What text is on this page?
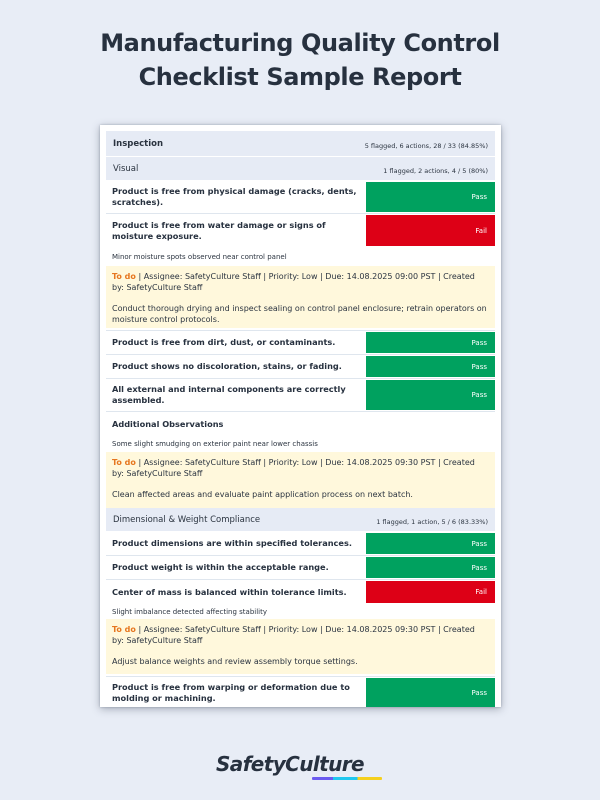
Manufacturing Quality Control
Checklist Sample Report
Inspection	5 flagged, 6 actions, 28 / 33 (84.85%)
Visual	1 flagged, 2 actions, 4 / 5 (80%)
Product is free from physical damage (cracks, dents, scratches).	Pass
Product is free from water damage or signs of moisture exposure.	Fail
Minor moisture spots observed near control panel
To do | Assignee: SafetyCulture Staff | Priority: Low | Due: 14.08.2025 09:00 PST | Created by: SafetyCulture Staff
Conduct thorough drying and inspect sealing on control panel enclosure; retrain operators on moisture control protocols.
Product is free from dirt, dust, or contaminants.	Pass
Product shows no discoloration, stains, or fading.	Pass
All external and internal components are correctly assembled.	Pass
Additional Observations
Some slight smudging on exterior paint near lower chassis
To do | Assignee: SafetyCulture Staff | Priority: Low | Due: 14.08.2025 09:30 PST | Created by: SafetyCulture Staff
Clean affected areas and evaluate paint application process on next batch.
Dimensional & Weight Compliance	1 flagged, 1 action, 5 / 6 (83.33%)
Product dimensions are within specified tolerances.	Pass
Product weight is within the acceptable range.	Pass
Center of mass is balanced within tolerance limits.	Fail
Slight imbalance detected affecting stability
To do | Assignee: SafetyCulture Staff | Priority: Low | Due: 14.08.2025 09:30 PST | Created by: SafetyCulture Staff
Adjust balance weights and review assembly torque settings.
Product is free from warping or deformation due to molding or machining.	Pass
SafetyCulture
